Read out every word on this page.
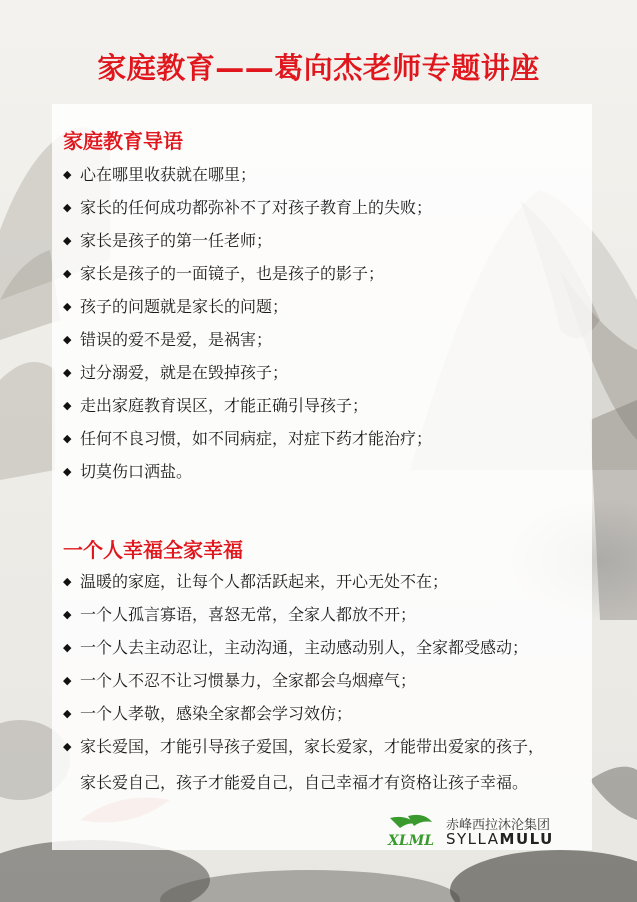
家庭教育——葛向杰老师专题讲座
家庭教育导语
◆ 心在哪里收获就在哪里；
◆ 家长的任何成功都弥补不了对孩子教育上的失败；
◆ 家长是孩子的第一任老师；
◆ 家长是孩子的一面镜子，也是孩子的影子；
◆ 孩子的问题就是家长的问题；
◆ 错误的爱不是爱，是祸害；
◆ 过分溺爱，就是在毁掉孩子；
◆ 走出家庭教育误区，才能正确引导孩子；
◆ 任何不良习惯，如不同病症，对症下药才能治疗；
◆ 切莫伤口洒盐。
一个人幸福全家幸福
◆ 温暖的家庭，让每个人都活跃起来，开心无处不在；
◆ 一个人孤言寡语，喜怒无常，全家人都放不开；
◆ 一个人去主动忍让，主动沟通，主动感动别人，全家都受感动；
◆ 一个人不忍不让习惯暴力，全家都会乌烟瘴气；
◆ 一个人孝敬，感染全家都会学习效仿；
◆ 家长爱国，才能引导孩子爱国，家长爱家，才能带出爱家的孩子，
家长爱自己，孩子才能爱自己，自己幸福才有资格让孩子幸福。
XLML
赤峰西拉沐沦集团
SYLLAMULU
